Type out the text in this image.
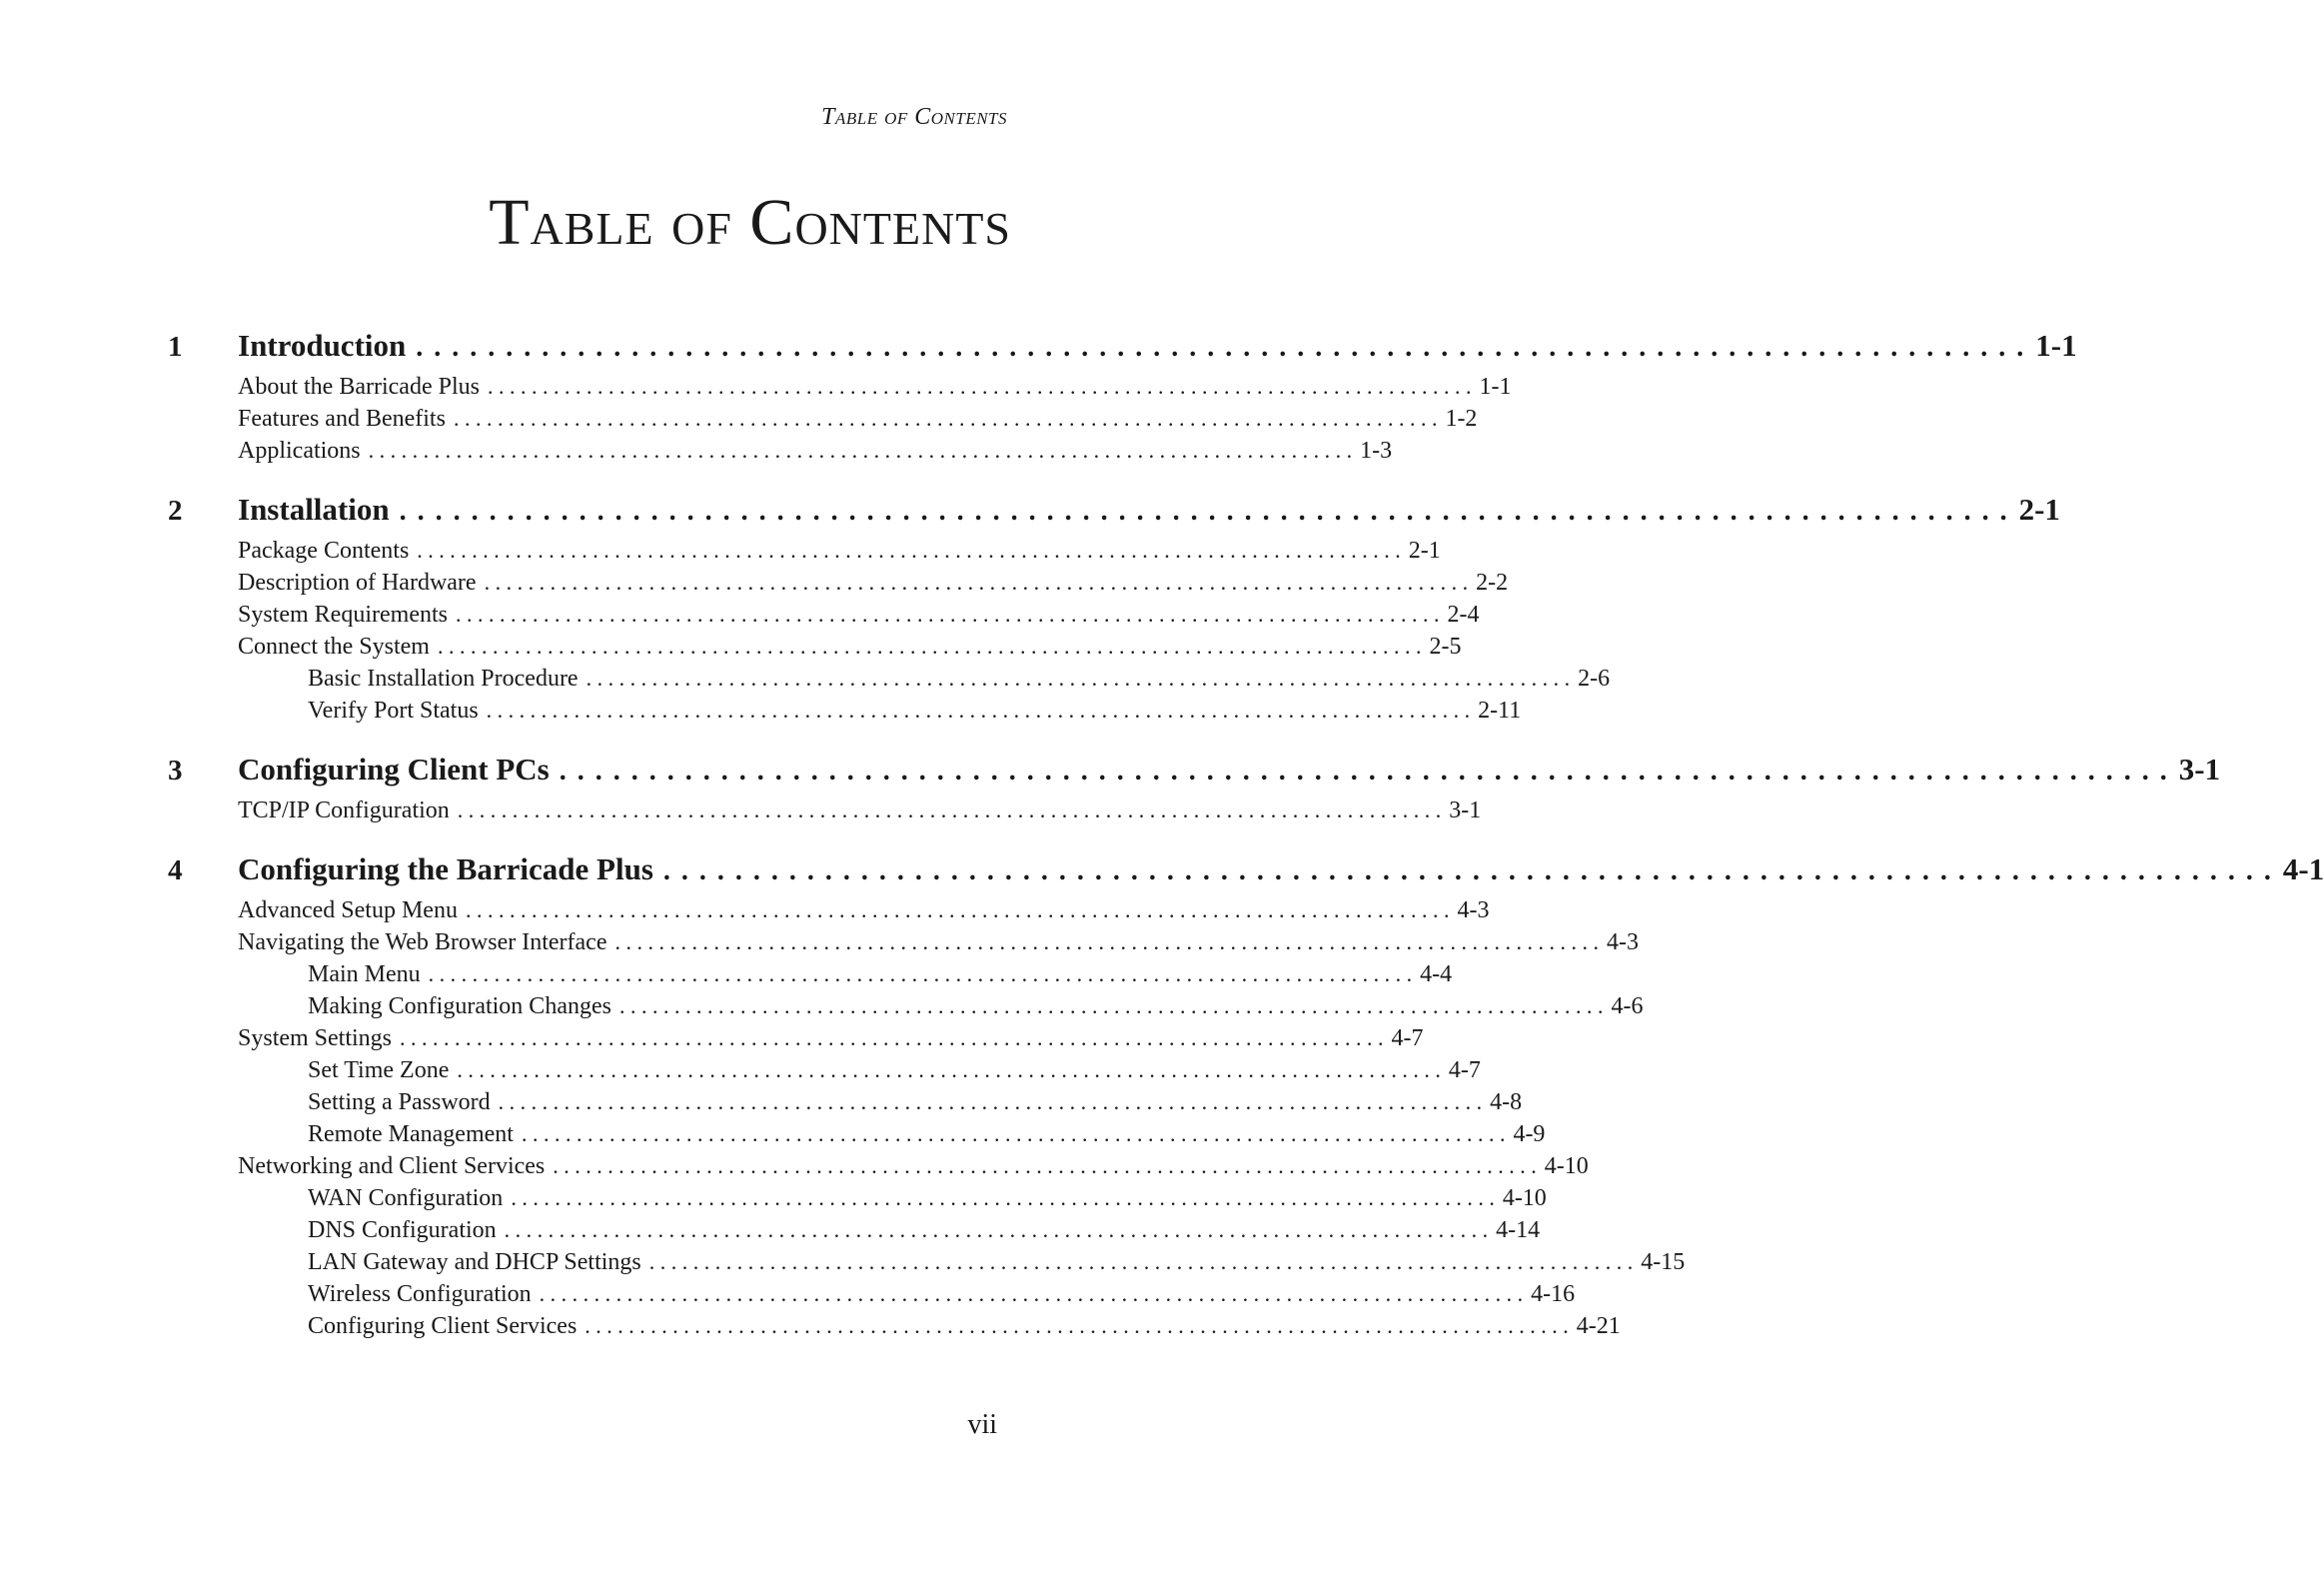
Table of Contents
Table of Contents
1	Introduction . . .	1-1
About the Barricade Plus . . .	1-1
Features and Benefits . . .	1-2
Applications . . .	1-3
2	Installation . . .	2-1
Package Contents . . .	2-1
Description of Hardware . . .	2-2
System Requirements . . .	2-4
Connect the System . . .	2-5
Basic Installation Procedure . . .	2-6
Verify Port Status . . .	2-11
3	Configuring Client PCs . . .	3-1
TCP/IP Configuration . . .	3-1
4	Configuring the Barricade Plus . . .	4-1
Advanced Setup Menu . . .	4-3
Navigating the Web Browser Interface . . .	4-3
Main Menu . . .	4-4
Making Configuration Changes . . .	4-6
System Settings . . .	4-7
Set Time Zone . . .	4-7
Setting a Password . . .	4-8
Remote Management . . .	4-9
Networking and Client Services . . .	4-10
WAN Configuration . . .	4-10
DNS Configuration . . .	4-14
LAN Gateway and DHCP Settings . . .	4-15
Wireless Configuration . . .	4-16
Configuring Client Services . . .	4-21
vii
